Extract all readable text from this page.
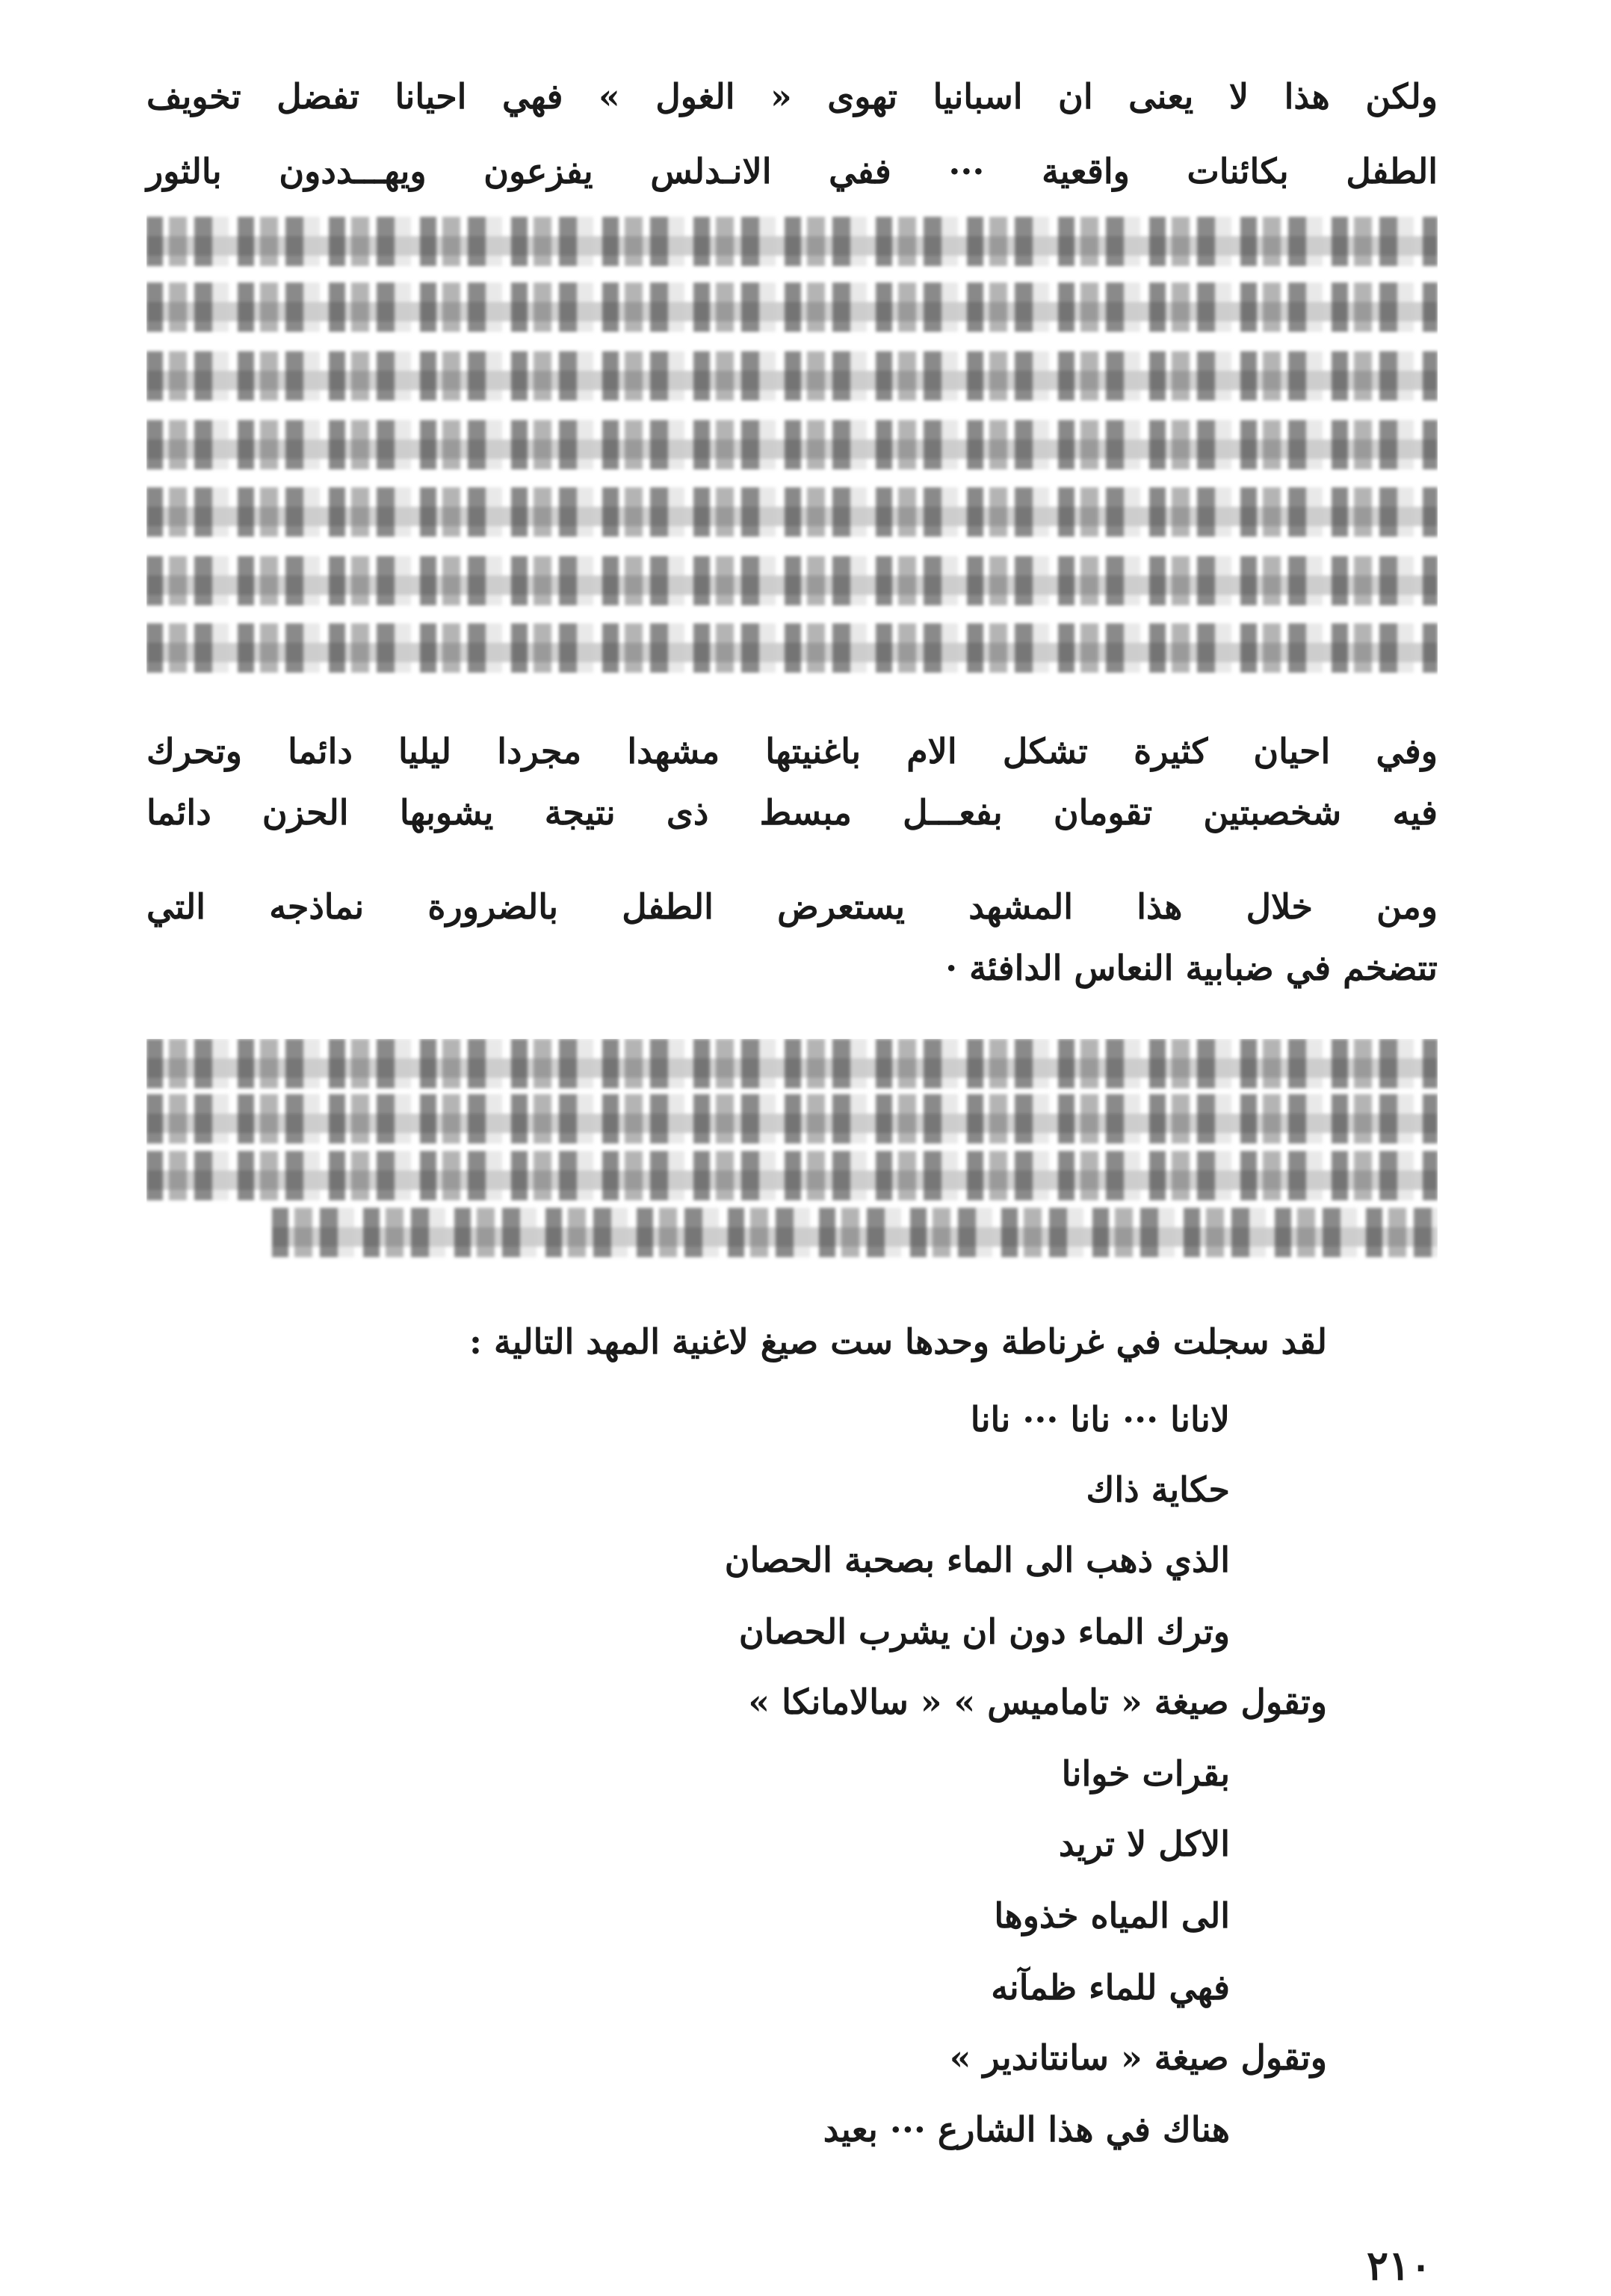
ولكن هذا لا يعنى ان اسبانيا تهوى « الغول » فهي احيانا تفضل تخويف
الطفل بكائنات واقعية ··· ففي الانـدلس يفزعون ويهـــددون بالثور
وفي احيان كثيرة تشكل الام باغنيتها مشهدا مجردا ليليا دائما وتحرك
فيه شخصبتين تقومان بفعـــل مبسط ذى نتيجة يشوبها الحزن دائما
ومن خلال هذا المشهد يستعرض الطفل بالضرورة نماذجه التي
تتضخم في ضبابية النعاس الدافئة ·
لقد سجلت في غرناطة وحدها ست صيغ لاغنية المهد التالية :
لانانا ··· نانا ··· نانا
حكاية ذاك
الذي ذهب الى الماء بصحبة الحصان
وترك الماء دون ان يشرب الحصان
وتقول صيغة « تاماميس » « سالامانكا »
بقرات خوانا
الاكل لا تريد
الى المياه خذوها
فهي للماء ظمآنه
وتقول صيغة « سانتاندير »
هناك في هذا الشارع ··· بعيد
٢١٠
